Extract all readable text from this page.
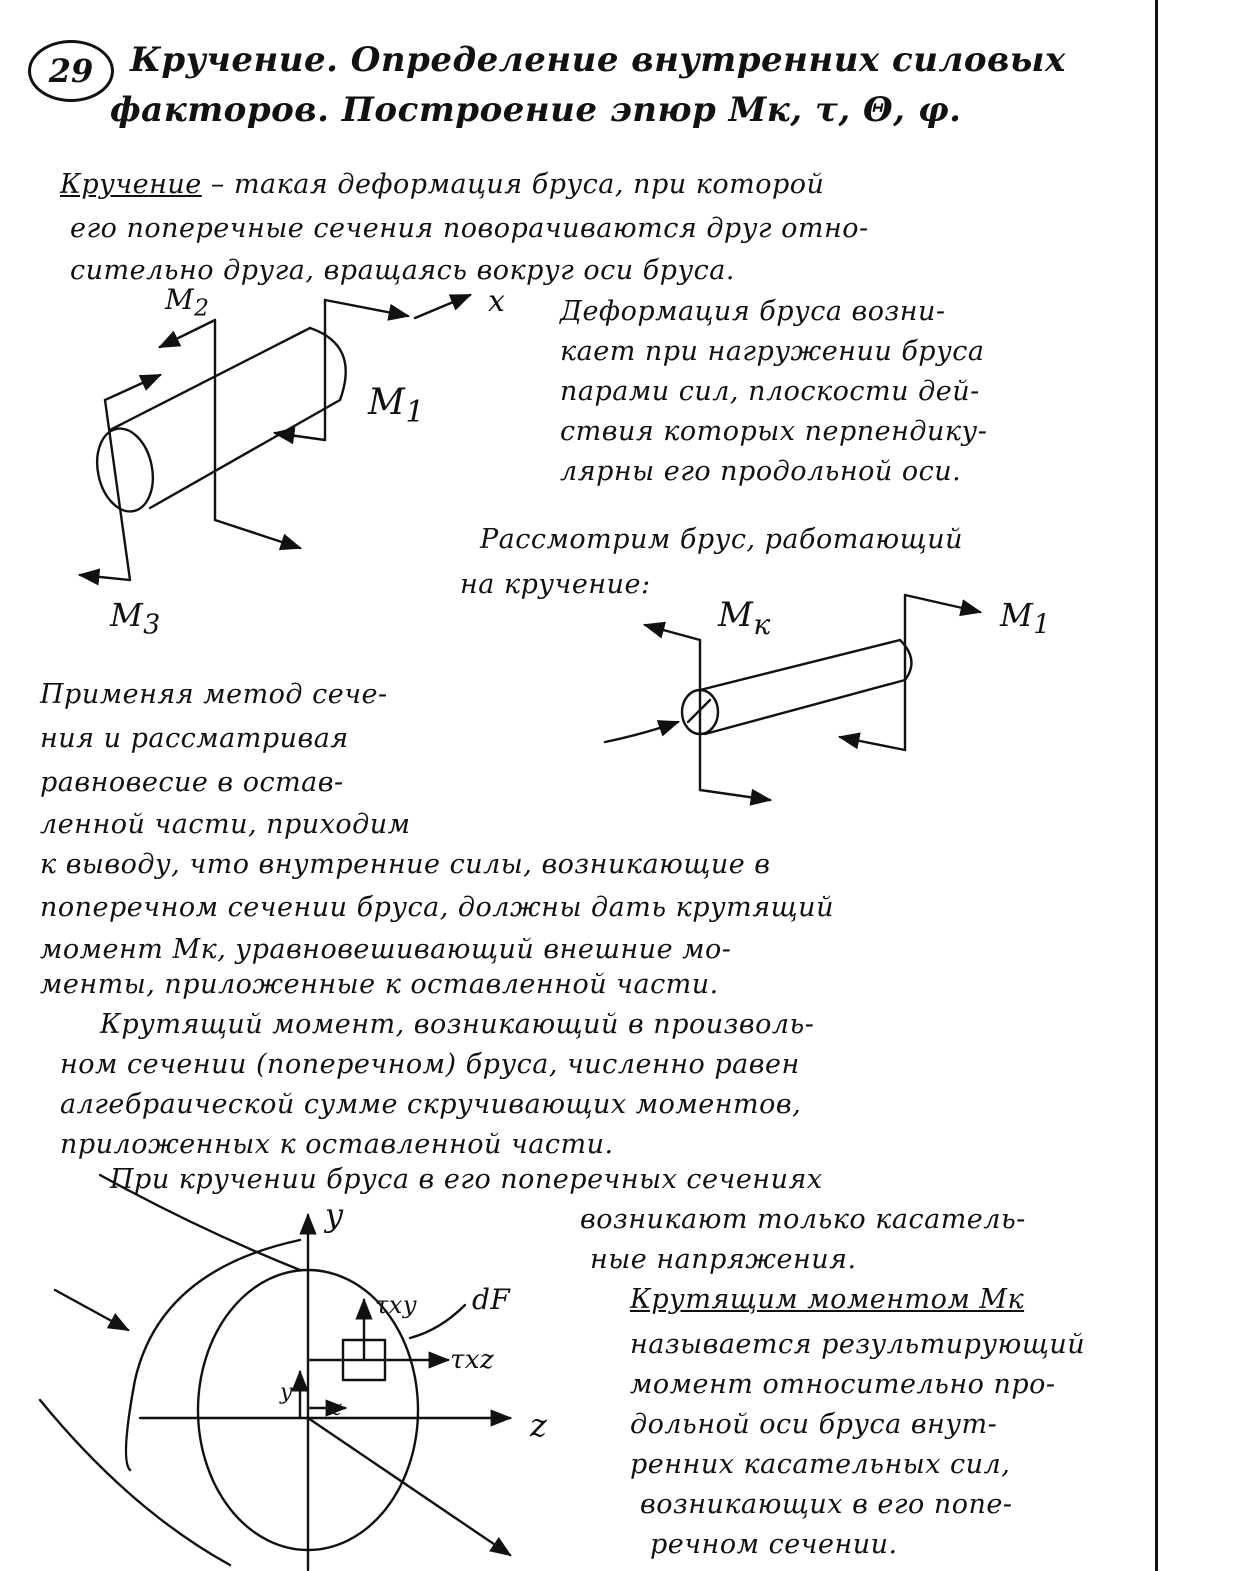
29 Кручение. Определение внутренних силовых
факторов. Построение эпюр Mк, τ, Θ, φ.
Кручение – такая деформация бруса, при которой
его поперечные сечения поворачиваются друг отно-
сительно друга, вращаясь вокруг оси бруса.
Деформация бруса возни-
кает при нагружении бруса
парами сил, плоскости дей-
ствия которых перпендику-
лярны его продольной оси.
Рассмотрим брус, работающий
на кручение:
Применяя метод сече-
ния и рассматривая
равновесие в остав-
ленной части, приходим
к выводу, что внутренние силы, возникающие в
поперечном сечении бруса, должны дать крутящий
момент Mк, уравновешивающий внешние мо-
менты, приложенные к оставленной части.
Крутящий момент, возникающий в произволь-
ном сечении (поперечном) бруса, численно равен
алгебраической сумме скручивающих моментов,
приложенных к оставленной части.
При кручении бруса в его поперечных сечениях
возникают только касатель-
ные напряжения.
Крутящим моментом Mк
называется результирующий
момент относительно про-
дольной оси бруса внут-
ренних касательных сил,
возникающих в его попе-
речном сечении.
x
$M_2$
$M_1$
$M_3$	$M_к$	$M_1$
y
z
dF
τxy
τxz
y
z
